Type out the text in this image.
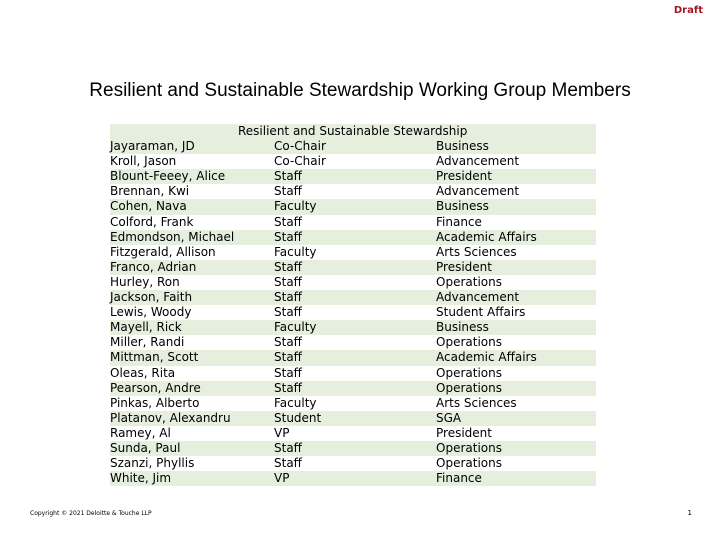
Draft
Resilient and Sustainable Stewardship Working Group Members
Resilient and Sustainable Stewardship
Jayaraman, JD	Co-Chair	Business
Kroll, Jason	Co-Chair	Advancement
Blount-Feeey, Alice	Staff	President
Brennan, Kwi	Staff	Advancement
Cohen, Nava	Faculty	Business
Colford, Frank	Staff	Finance
Edmondson, Michael	Staff	Academic Affairs
Fitzgerald, Allison	Faculty	Arts Sciences
Franco, Adrian	Staff	President
Hurley, Ron	Staff	Operations
Jackson, Faith	Staff	Advancement
Lewis, Woody	Staff	Student Affairs
Mayell, Rick	Faculty	Business
Miller, Randi	Staff	Operations
Mittman, Scott	Staff	Academic Affairs
Oleas, Rita	Staff	Operations
Pearson, Andre	Staff	Operations
Pinkas, Alberto	Faculty	Arts Sciences
Platanov, Alexandru	Student	SGA
Ramey, Al	VP	President
Sunda, Paul	Staff	Operations
Szanzi, Phyllis	Staff	Operations
White, Jim	VP	Finance
Copyright © 2021 Deloitte & Touche LLP	1
